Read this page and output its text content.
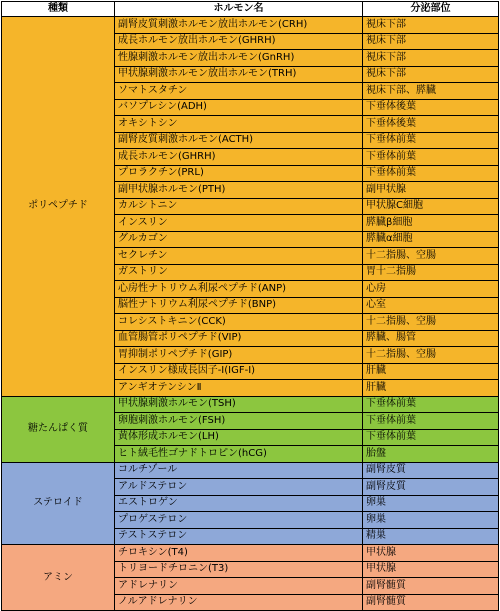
種類	ホルモン名	分泌部位
ポリペプチド	副腎皮質刺激ホルモン放出ホルモン(CRH)	視床下部
	成長ホルモン放出ホルモン(GHRH)	視床下部
	性腺刺激ホルモン放出ホルモン(GnRH)	視床下部
	甲状腺刺激ホルモン放出ホルモン(TRH)	視床下部
	ソマトスタチン	視床下部、膵臓
	バソプレシン(ADH)	下垂体後葉
	オキシトシン	下垂体後葉
	副腎皮質刺激ホルモン(ACTH)	下垂体前葉
	成長ホルモン(GHRH)	下垂体前葉
	プロラクチン(PRL)	下垂体前葉
	副甲状腺ホルモン(PTH)	副甲状腺
	カルシトニン	甲状腺C細胞
	インスリン	膵臓β細胞
	グルカゴン	膵臓α細胞
	セクレチン	十二指腸、空腸
	ガストリン	胃十二指腸
	心房性ナトリウム利尿ペプチド(ANP)	心房
	脳性ナトリウム利尿ペプチド(BNP)	心室
	コレシストキニン(CCK)	十二指腸、空腸
	血管腸管ポリペプチド(VIP)	膵臓、腸管
	胃抑制ポリペプチド(GIP)	十二指腸、空腸
	インスリン様成長因子-Ⅰ(IGF-Ⅰ)	肝臓
	アンギオテンシンⅡ	肝臓
糖たんぱく質	甲状腺刺激ホルモン(TSH)	下垂体前葉
	卵胞刺激ホルモン(FSH)	下垂体前葉
	黄体形成ホルモン(LH)	下垂体前葉
	ヒト絨毛性ゴナドトロピン(hCG)	胎盤
ステロイド	コルチゾール	副腎皮質
	アルドステロン	副腎皮質
	エストロゲン	卵巣
	プロゲステロン	卵巣
	テストステロン	精巣
アミン	チロキシン(T4)	甲状腺
	トリヨードチロニン(T3)	甲状腺
	アドレナリン	副腎髄質
	ノルアドレナリン	副腎髄質
